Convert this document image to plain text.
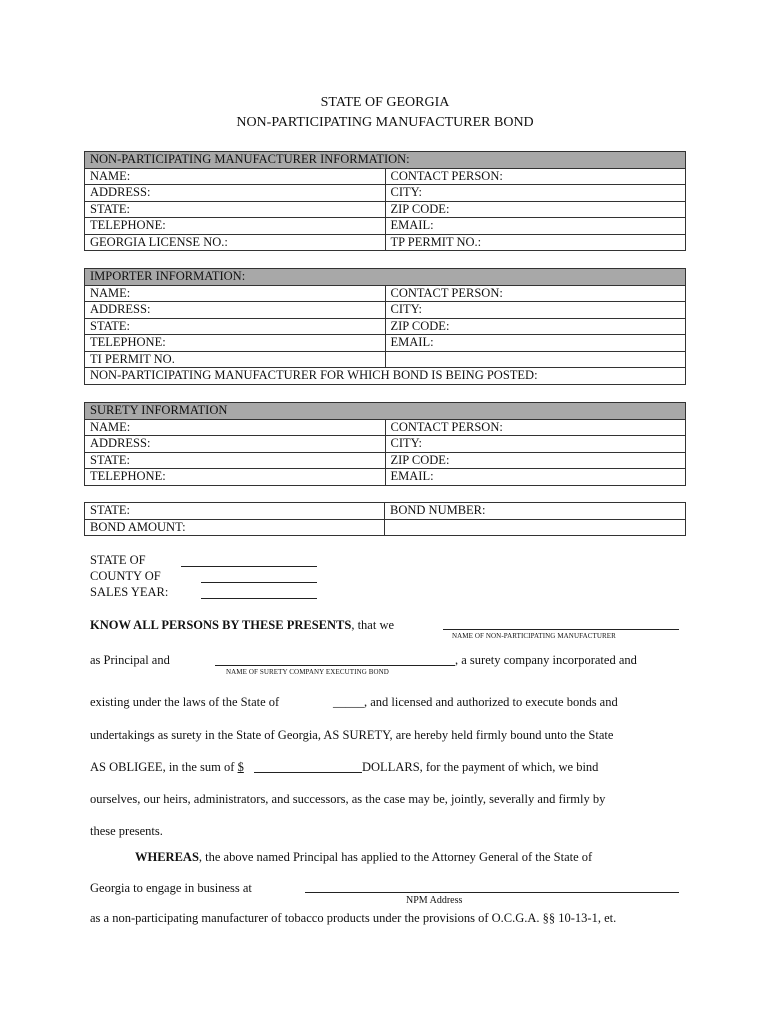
STATE OF GEORGIA
NON-PARTICIPATING MANUFACTURER BOND
NON-PARTICIPATING MANUFACTURER INFORMATION:	
NAME:	CONTACT PERSON:
ADDRESS:	CITY:
STATE:	ZIP CODE:
TELEPHONE:	EMAIL:
GEORGIA LICENSE NO.:	TP PERMIT NO.:
IMPORTER INFORMATION:	
NAME:	CONTACT PERSON:
ADDRESS:	CITY:
STATE:	ZIP CODE:
TELEPHONE:	EMAIL:
TI PERMIT NO.	
NON-PARTICIPATING MANUFACTURER FOR WHICH BOND IS BEING POSTED:	
SURETY INFORMATION	
NAME:	CONTACT PERSON:
ADDRESS:	CITY:
STATE:	ZIP CODE:
TELEPHONE:	EMAIL:
STATE:	BOND NUMBER:
BOND AMOUNT:	
STATE OF
COUNTY OF
SALES YEAR:
KNOW ALL PERSONS BY THESE PRESENTS, that we
NAME OF NON-PARTICIPATING MANUFACTURER
as Principal and	, a surety company incorporated and
NAME OF SURETY COMPANY EXECUTING BOND
existing under the laws of the State of	_____ , and licensed and authorized to execute bonds and
undertakings as surety in the State of Georgia, AS SURETY, are hereby held firmly bound unto the State
AS OBLIGEE, in the sum of $	DOLLARS, for the payment of which, we bind
ourselves, our heirs, administrators, and successors, as the case may be, jointly, severally and firmly by
these presents.
WHEREAS, the above named Principal has applied to the Attorney General of the State of
Georgia to engage in business at
NPM Address
as a non-participating manufacturer of tobacco products under the provisions of O.C.G.A. §§ 10-13-1, et.
